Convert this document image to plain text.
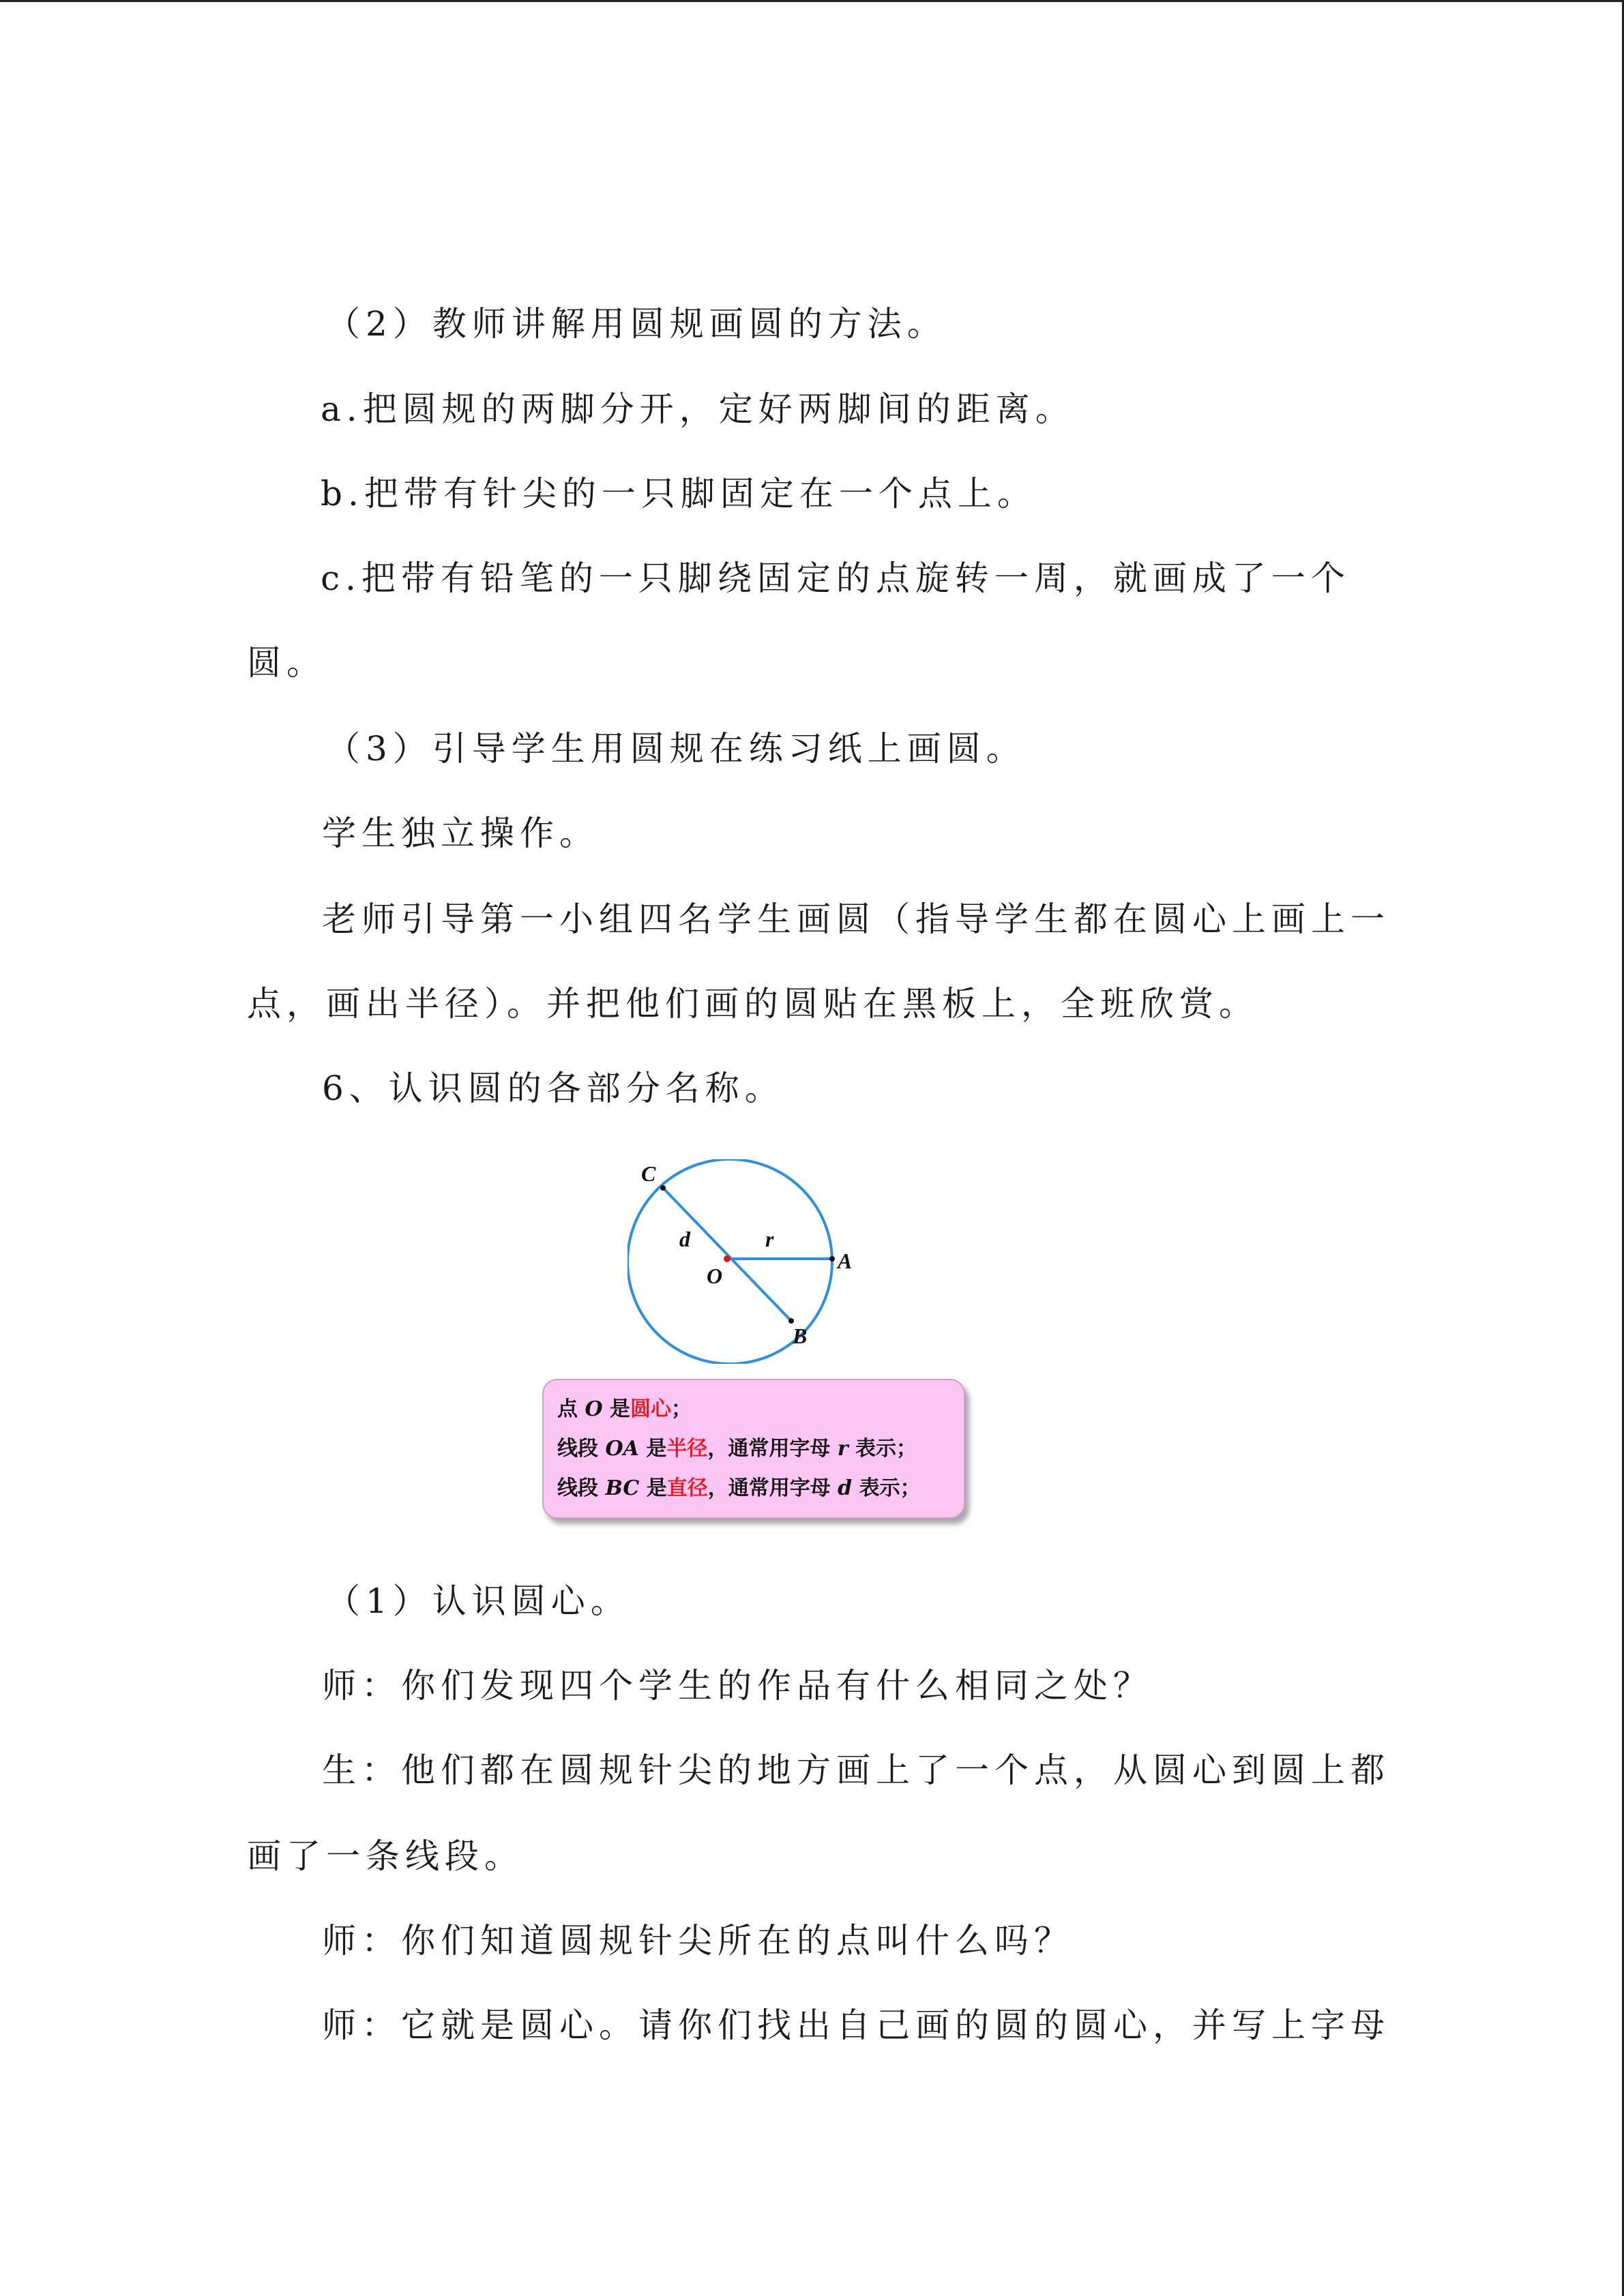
（2）教师讲解用圆规画圆的方法。
a.把圆规的两脚分开，定好两脚间的距离。
b.把带有针尖的一只脚固定在一个点上。
c.把带有铅笔的一只脚绕固定的点旋转一周，就画成了一个
圆。
（3）引导学生用圆规在练习纸上画圆。
学生独立操作。
老师引导第一小组四名学生画圆（指导学生都在圆心上画上一
点，画出半径）。并把他们画的圆贴在黑板上，全班欣赏。
6、认识圆的各部分名称。
C
d	r
O
A
B
点 O 是圆心；
线段 OA 是半径，通常用字母 r 表示；
线段 BC 是直径，通常用字母 d 表示；
（1）认识圆心。
师：你们发现四个学生的作品有什么相同之处？
生：他们都在圆规针尖的地方画上了一个点，从圆心到圆上都
画了一条线段。
师：你们知道圆规针尖所在的点叫什么吗？
师：它就是圆心。请你们找出自己画的圆的圆心，并写上字母
